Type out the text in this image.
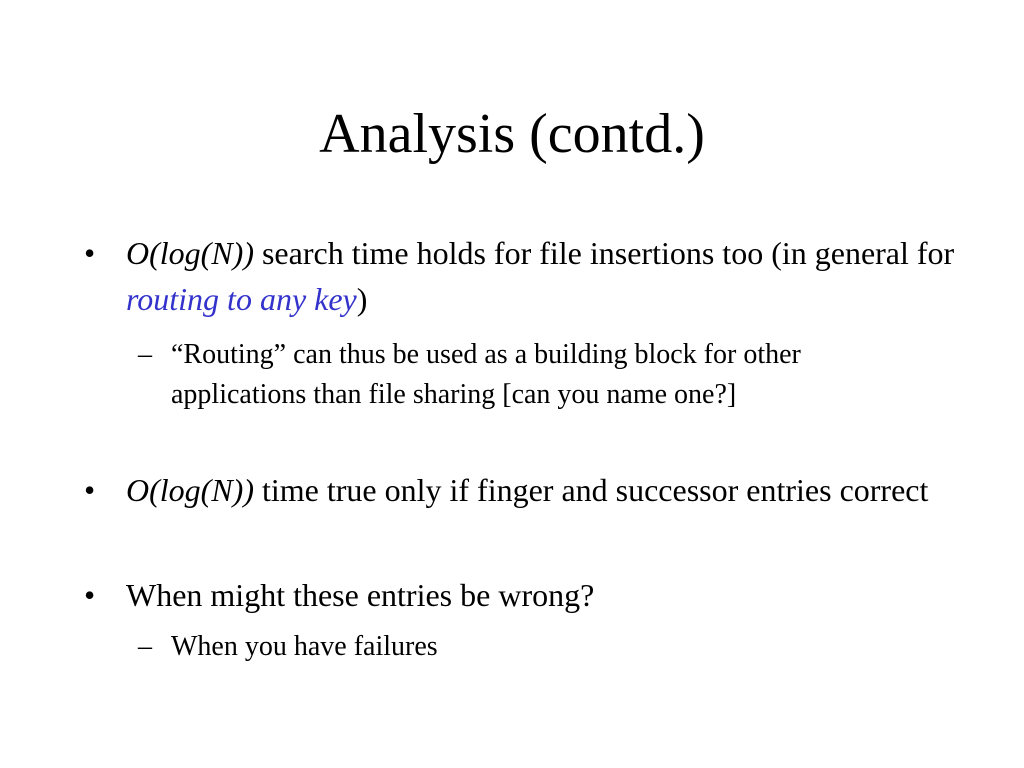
Analysis (contd.)

• O(log(N)) search time holds for file insertions too (in general for routing to any key)

– “Routing” can thus be used as a building block for other applications than file sharing [can you name one?]

• O(log(N)) time true only if finger and successor entries correct

• When might these entries be wrong?

– When you have failures
